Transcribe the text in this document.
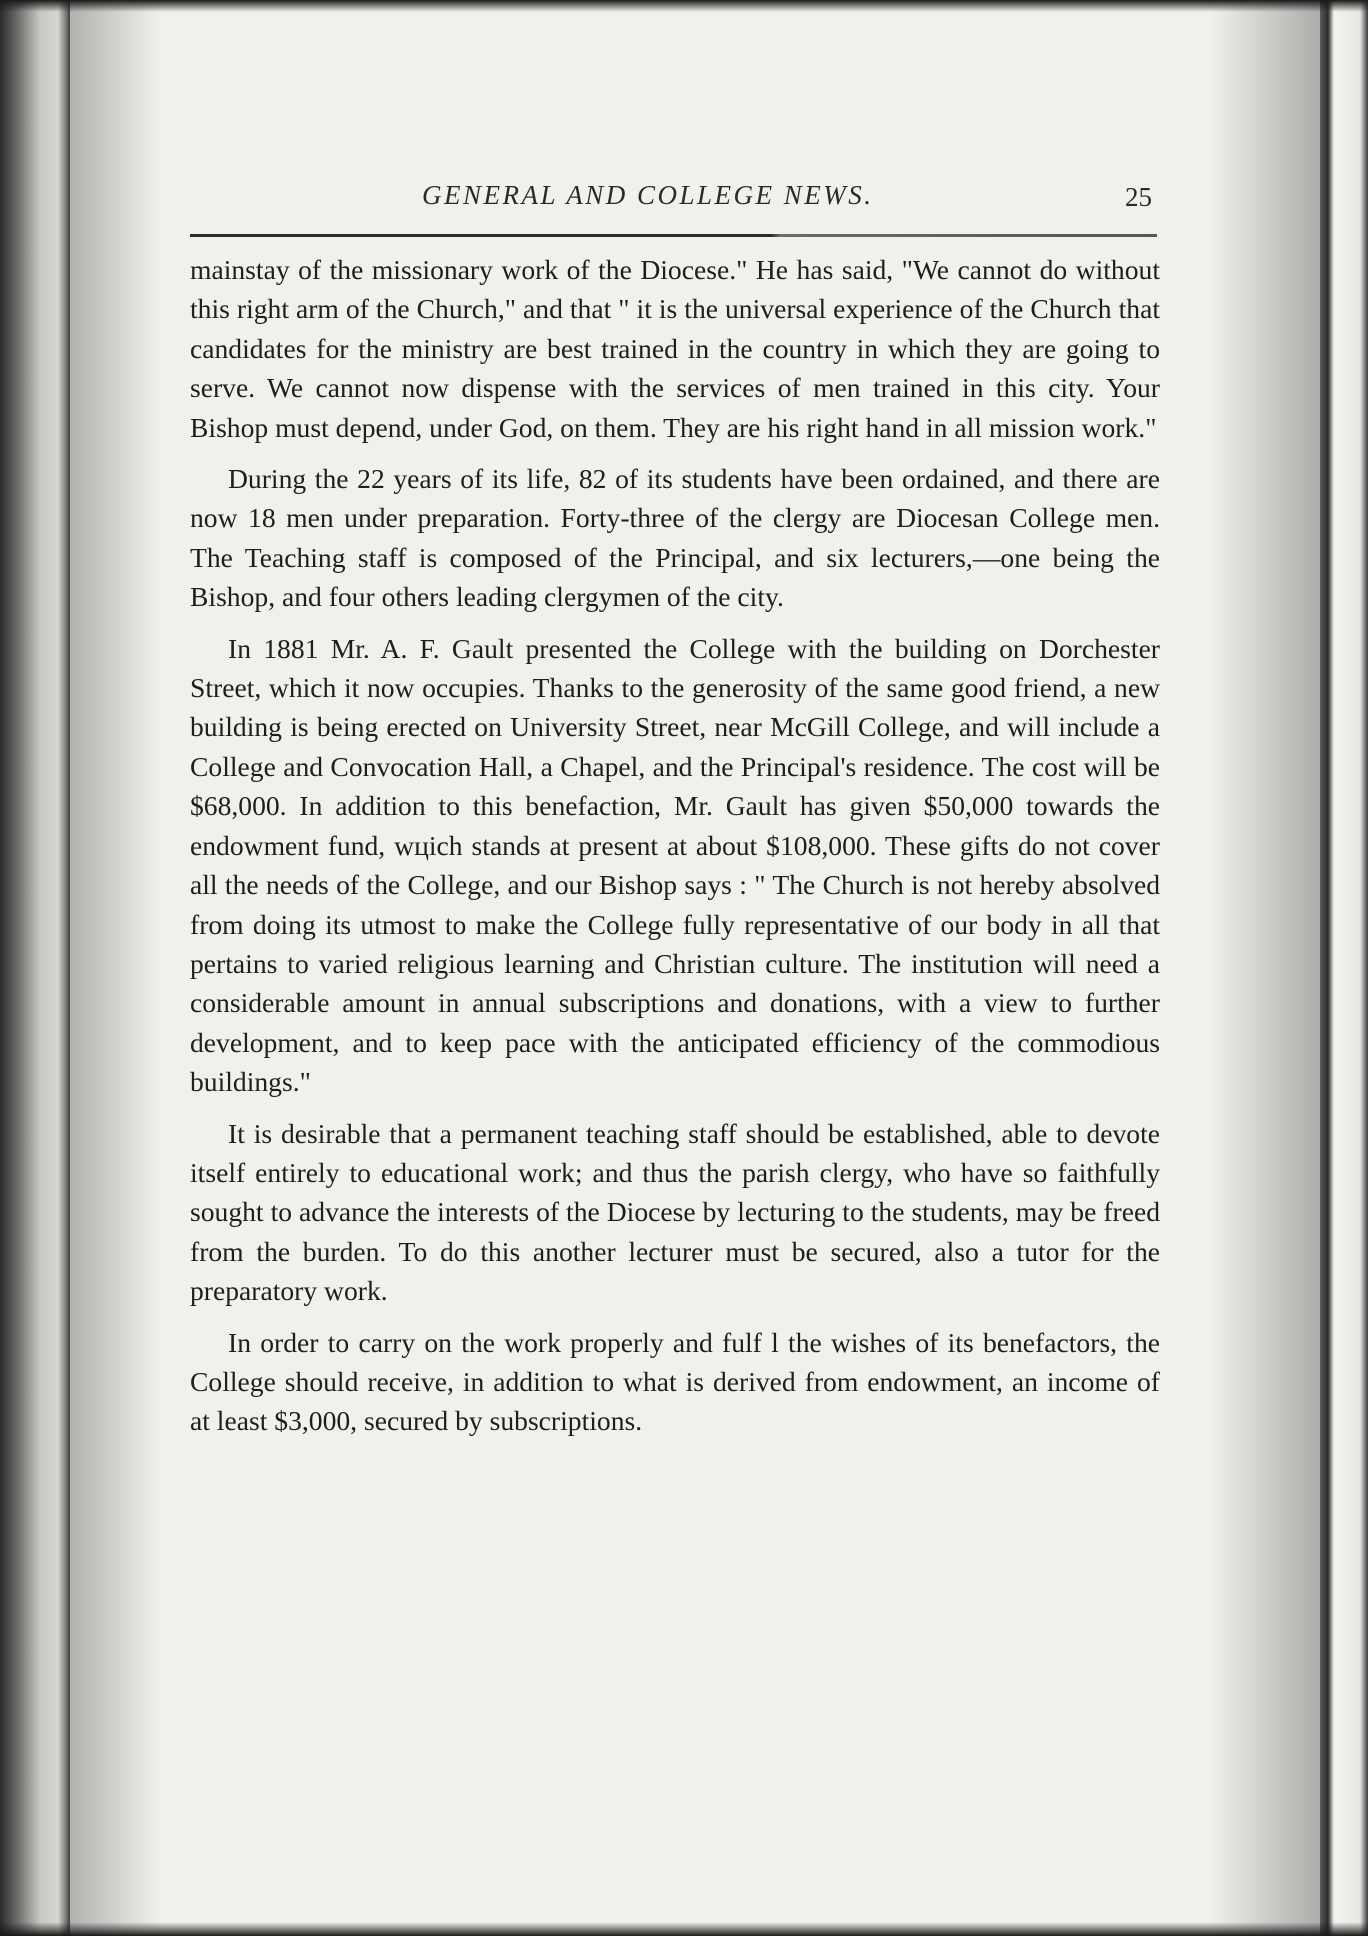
GENERAL AND COLLEGE NEWS.	25

mainstay of the missionary work of the Diocese." He has said, "We cannot do without this right arm of the Church," and that " it is the universal experience of the Church that candidates for the ministry are best trained in the country in which they are going to serve. We cannot now dispense with the services of men trained in this city. Your Bishop must depend, under God, on them. They are his right hand in all mission work."

During the 22 years of its life, 82 of its students have been ordained, and there are now 18 men under preparation. Forty-three of the clergy are Diocesan College men. The Teaching staff is composed of the Principal, and six lecturers,—one being the Bishop, and four others leading clergymen of the city.

In 1881 Mr. A. F. Gault presented the College with the building on Dorchester Street, which it now occupies. Thanks to the generosity of the same good friend, a new building is being erected on University Street, near McGill College, and will include a College and Convocation Hall, a Chapel, and the Principal's residence. The cost will be $68,000. In addition to this benefaction, Mr. Gault has given $50,000 towards the endowment fund, wцich stands at present at about $108,000. These gifts do not cover all the needs of the College, and our Bishop says : " The Church is not hereby absolved from doing its utmost to make the College fully representative of our body in all that pertains to varied religious learning and Christian culture. The institution will need a considerable amount in annual subscriptions and donations, with a view to further development, and to keep pace with the anticipated efficiency of the commodious buildings."

It is desirable that a permanent teaching staff should be established, able to devote itself entirely to educational work; and thus the parish clergy, who have so faithfully sought to advance the interests of the Diocese by lecturing to the students, may be freed from the burden. To do this another lecturer must be secured, also a tutor for the preparatory work.

In order to carry on the work properly and fulf l the wishes of its benefactors, the College should receive, in addition to what is derived from endowment, an income of at least $3,000, secured by subscriptions.
